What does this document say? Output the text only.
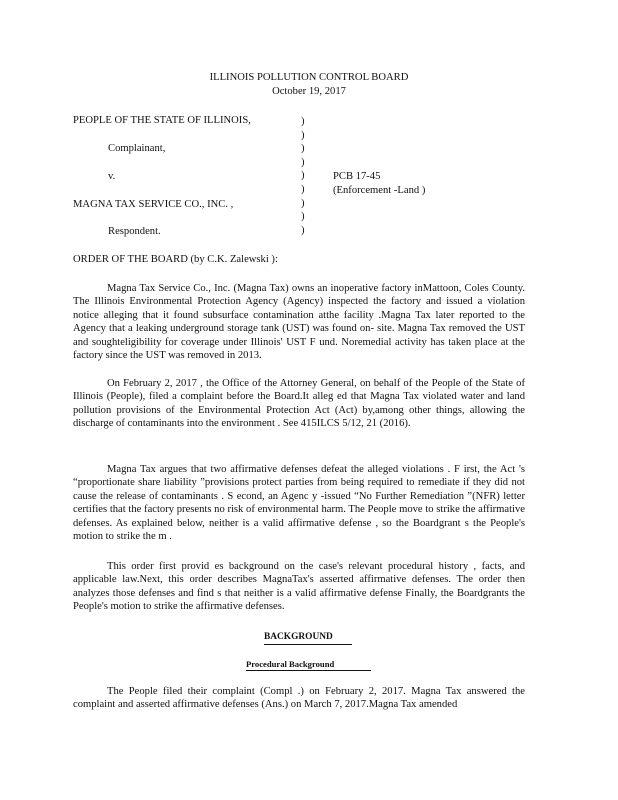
ILLINOIS POLLUTION CONTROL BOARD
October 19, 2017
PEOPLE OF THE STATE OF ILLINOIS,
Complainant,
v.
MAGNA TAX SERVICE CO., INC. ,
Respondent.
)
)
)
)
)
)
)
)
)
PCB 17-45
(Enforcement -Land )
ORDER OF THE BOARD (by C.K. Zalewski ):

Magna Tax Service Co., Inc. (Magna Tax) owns an inoperative factory inMattoon, Coles County. The Illinois Environmental Protection Agency (Agency) inspected the factory and issued a violation notice alleging that it found subsurface contamination atthe facility .Magna Tax later reported to the Agency that a leaking underground storage tank (UST) was found on- site. Magna Tax removed the UST and soughteligibility for coverage under Illinois' UST F und. Noremedial activity has taken place at the factory since the UST was removed in 2013.

On February 2, 2017 , the Office of the Attorney General, on behalf of the People of the State of Illinois (People), filed a complaint before the Board.It alleg ed that Magna Tax violated water and land pollution provisions of the Environmental Protection Act (Act) by,among other things, allowing the discharge of contaminants into the environment . See 415ILCS 5/12, 21 (2016).

Magna Tax argues that two affirmative defenses defeat the alleged violations . F irst, the Act 's “proportionate share liability ”provisions protect parties from being required to remediate if they did not cause the release of contaminants . S econd, an Agenc y -issued “No Further Remediation ”(NFR) letter certifies that the factory presents no risk of environmental harm. The People move to strike the affirmative defenses. As explained below, neither is a valid affirmative defense , so the Boardgrant s the People's motion to strike the m .

This order first provid es background on the case's relevant procedural history , facts, and applicable law.Next, this order describes MagnaTax's asserted affirmative defenses. The order then analyzes those defenses and find s that neither is a valid affirmative defense Finally, the Boardgrants the People's motion to strike the affirmative defenses.

BACKGROUND
Procedural Background

The People filed their complaint (Compl .) on February 2, 2017. Magna Tax answered the complaint and asserted affirmative defenses (Ans.) on March 7, 2017.Magna Tax amended
